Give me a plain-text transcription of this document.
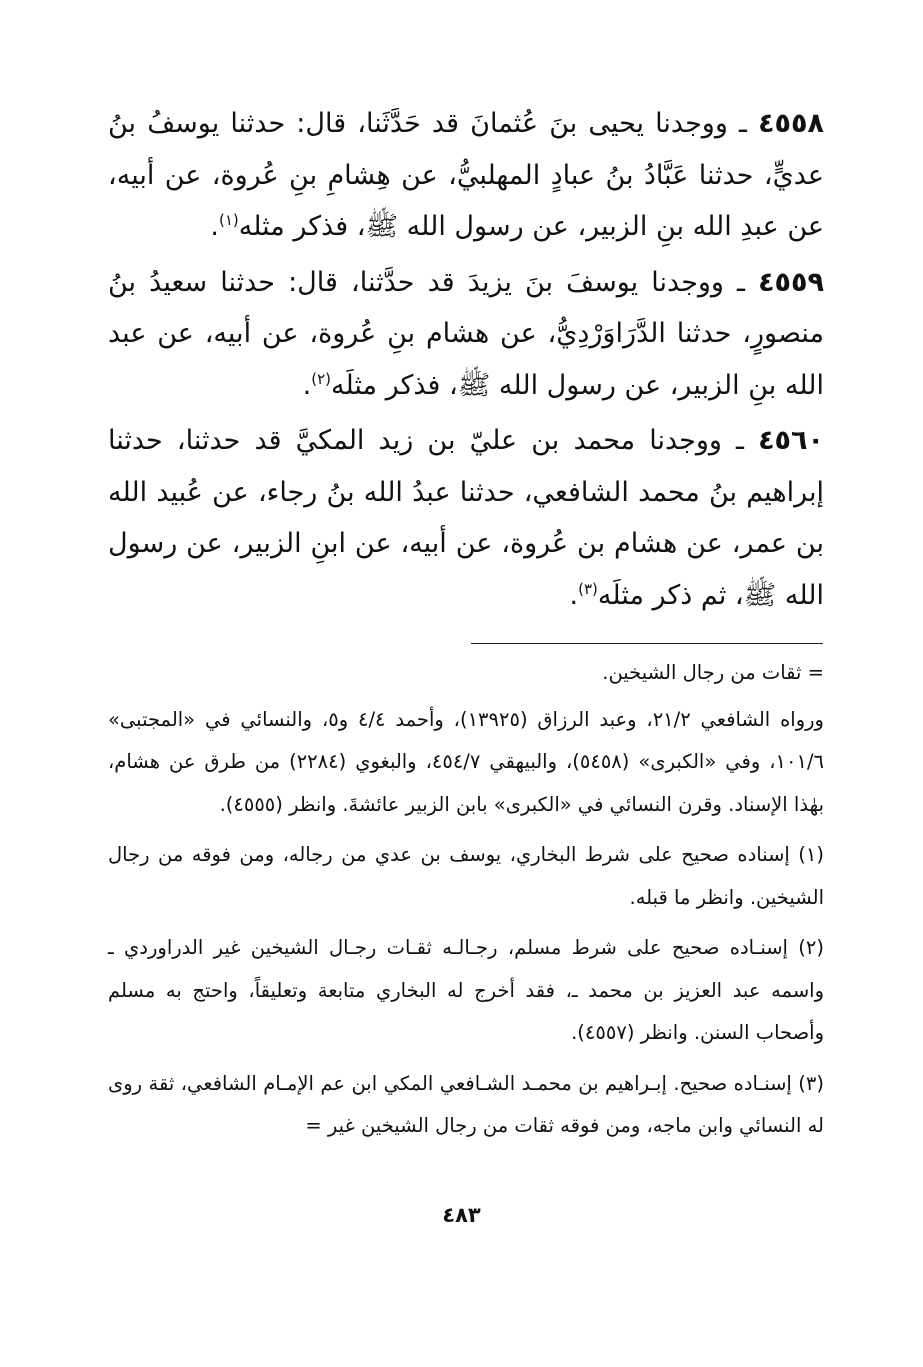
٤٥٥٨ ـ ووجدنا يحيى بنَ عُثمانَ قد حَدَّثَنا، قال: حدثنا يوسفُ بنُ عديٍّ، حدثنا عَبَّادُ بنُ عبادٍ المهلبيُّ، عن هِشامِ بنِ عُروة، عن أبيه، عن عبدِ الله بنِ الزبير، عن رسول الله ﷺ، فذكر مثله$^{(١)}$.

٤٥٥٩ ـ ووجدنا يوسفَ بنَ يزيدَ قد حدَّثنا، قال: حدثنا سعيدُ بنُ منصورٍ، حدثنا الدَّرَاوَرْدِيُّ، عن هشام بنِ عُروة، عن أبيه، عن عبد الله بنِ الزبير، عن رسول الله ﷺ، فذكر مثلَه$^{(٢)}$.

٤٥٦٠ ـ ووجدنا محمد بن عليّ بن زيد المكيَّ قد حدثنا، حدثنا إبراهيم بنُ محمد الشافعي، حدثنا عبدُ الله بنُ رجاء، عن عُبيد الله بن عمر، عن هشام بن عُروة، عن أبيه، عن ابنِ الزبير، عن رسول الله ﷺ، ثم ذكر مثلَه$^{(٣)}$.

= ثقات من رجال الشيخين.

ورواه الشافعي ٢١/٢، وعبد الرزاق (١٣٩٢٥)، وأحمد ٤/٤ و٥، والنسائي في «المجتبى» ١٠١/٦، وفي «الكبرى» (٥٤٥٨)، والبيهقي ٤٥٤/٧، والبغوي (٢٢٨٤) من طرق عن هشام، بهٰذا الإسناد. وقرن النسائي في «الكبرى» بابن الزبير عائشةَ. وانظر (٤٥٥٥).

(١) إسناده صحيح على شرط البخاري، يوسف بن عدي من رجاله، ومن فوقه من رجال الشيخين. وانظر ما قبله.

(٢) إسنـاده صحيح على شرط مسلم، رجـالـه ثقـات رجـال الشيخين غير الدراوردي ـ واسمه عبد العزيز بن محمد ـ، فقد أخرج له البخاري متابعة وتعليقاً، واحتج به مسلم وأصحاب السنن. وانظر (٤٥٥٧).

(٣) إسنـاده صحيح. إبـراهيم بن محمـد الشـافعي المكي ابن عم الإمـام الشافعي، ثقة روى له النسائي وابن ماجه، ومن فوقه ثقات من رجال الشيخين غير =

٤٨٣
